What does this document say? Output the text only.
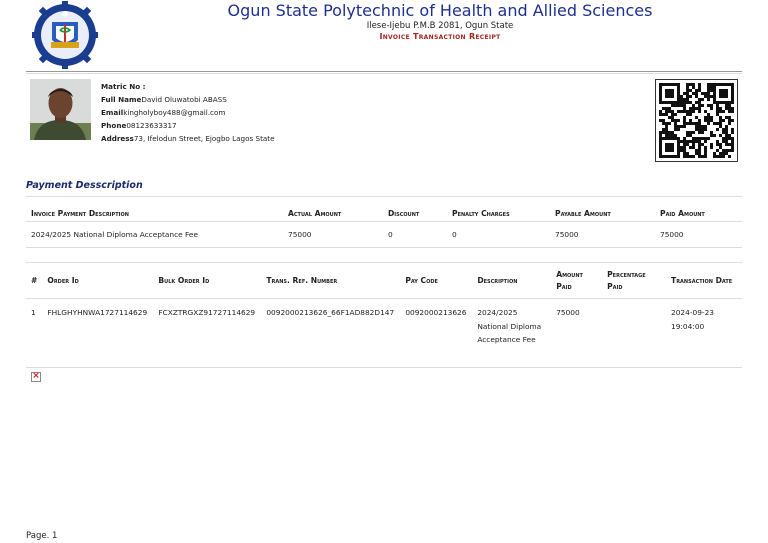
Ogun State Polytechnic of Health and Allied Sciences
Ilese-Ijebu P.M.B 2081, Ogun State
Invoice Transaction Receipt
Matric No :
Full NameDavid Oluwatobi ABASS
Emailkingholyboy488@gmail.com
Phone08123633317
Address73, Ifelodun Street, Ejogbo Lagos State
Payment Desscription
Invoice Payment Description	Actual Amount	Discount	Penalty Charges	Payable Amount	Paid Amount
2024/2025 National Diploma Acceptance Fee	75000	0	0	75000	75000
#	Order Id	Bulk Order Id	Trans. Ref. Number	Pay Code	Description	Amount Paid	Percentage Paid	Transaction Date
1	FHLGHYHNWA1727114629	FCXZTRGXZ91727114629	0092000213626_66F1AD882D147	0092000213626	2024/2025 National Diploma Acceptance Fee	75000		2024-09-23 19:04:00
×
Page. 1
